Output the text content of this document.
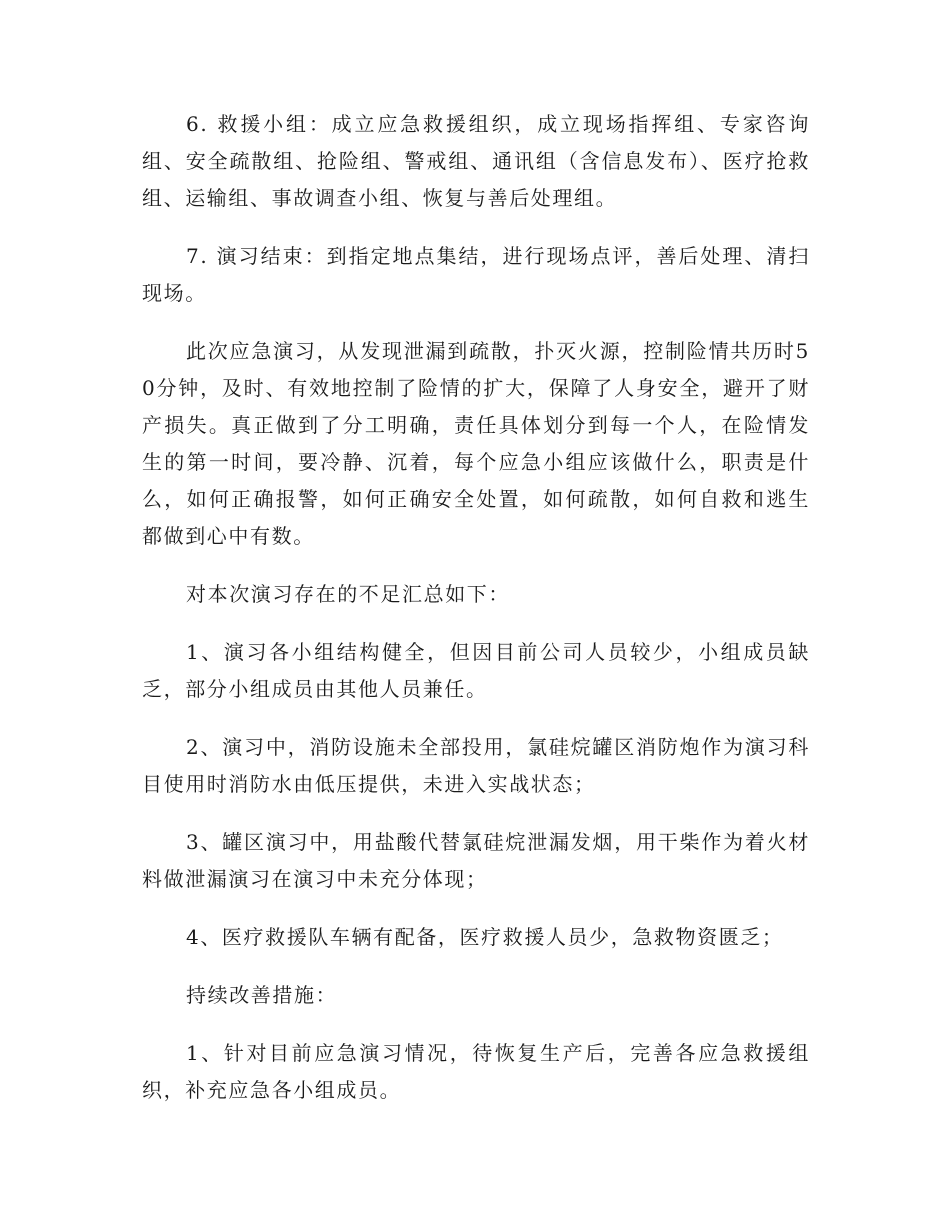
6. 救援小组：成立应急救援组织，成立现场指挥组、专家咨询组、安全疏散组、抢险组、警戒组、通讯组（含信息发布）、医疗抢救组、运输组、事故调查小组、恢复与善后处理组。

7. 演习结束：到指定地点集结，进行现场点评，善后处理、清扫现场。

此次应急演习，从发现泄漏到疏散，扑灭火源，控制险情共历时50分钟，及时、有效地控制了险情的扩大，保障了人身安全，避开了财产损失。真正做到了分工明确，责任具体划分到每一个人，在险情发生的第一时间，要冷静、沉着，每个应急小组应该做什么，职责是什么，如何正确报警，如何正确安全处置，如何疏散，如何自救和逃生都做到心中有数。

对本次演习存在的不足汇总如下：

1、演习各小组结构健全，但因目前公司人员较少，小组成员缺乏，部分小组成员由其他人员兼任。

2、演习中，消防设施未全部投用，氯硅烷罐区消防炮作为演习科目使用时消防水由低压提供，未进入实战状态；

3、罐区演习中，用盐酸代替氯硅烷泄漏发烟，用干柴作为着火材料做泄漏演习在演习中未充分体现；

4、医疗救援队车辆有配备，医疗救援人员少，急救物资匮乏；

持续改善措施：

1、针对目前应急演习情况，待恢复生产后，完善各应急救援组织，补充应急各小组成员。
